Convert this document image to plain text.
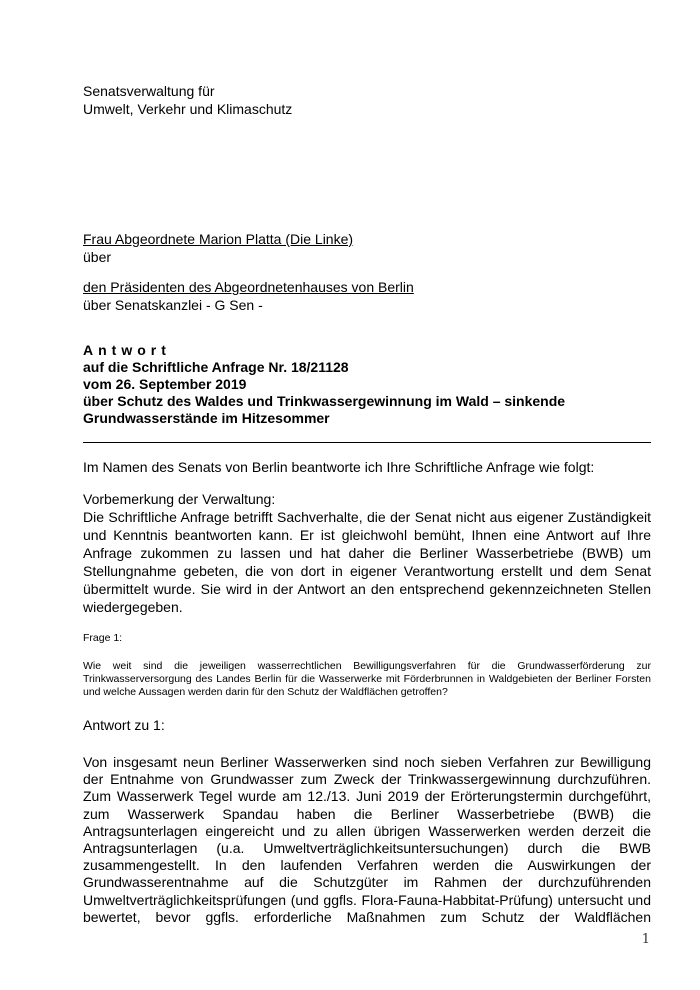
Senatsverwaltung für
Umwelt, Verkehr und Klimaschutz
Frau Abgeordnete Marion Platta (Die Linke)
über
den Präsidenten des Abgeordnetenhauses von Berlin
über Senatskanzlei - G Sen -
Antwort
auf die Schriftliche Anfrage Nr. 18/21128
vom 26. September 2019
über Schutz des Waldes und Trinkwassergewinnung im Wald – sinkende
Grundwasserstände im Hitzesommer

Im Namen des Senats von Berlin beantworte ich Ihre Schriftliche Anfrage wie folgt:

Vorbemerkung der Verwaltung:
Die Schriftliche Anfrage betrifft Sachverhalte, die der Senat nicht aus eigener Zuständigkeit und Kenntnis beantworten kann. Er ist gleichwohl bemüht, Ihnen eine Antwort auf Ihre Anfrage zukommen zu lassen und hat daher die Berliner Wasserbetriebe (BWB) um Stellungnahme gebeten, die von dort in eigener Verantwortung erstellt und dem Senat übermittelt wurde. Sie wird in der Antwort an den entsprechend gekennzeichneten Stellen wiedergegeben.

Frage 1:

Wie weit sind die jeweiligen wasserrechtlichen Bewilligungsverfahren für die Grundwasserförderung zur Trinkwasserversorgung des Landes Berlin für die Wasserwerke mit Förderbrunnen in Waldgebieten der Berliner Forsten und welche Aussagen werden darin für den Schutz der Waldflächen getroffen?

Antwort zu 1:

Von insgesamt neun Berliner Wasserwerken sind noch sieben Verfahren zur Bewilligung der Entnahme von Grundwasser zum Zweck der Trinkwassergewinnung durchzuführen. Zum Wasserwerk Tegel wurde am 12./13. Juni 2019 der Erörterungstermin durchgeführt, zum Wasserwerk Spandau haben die Berliner Wasserbetriebe (BWB) die Antragsunterlagen eingereicht und zu allen übrigen Wasserwerken werden derzeit die Antragsunterlagen (u.a. Umweltverträglichkeitsuntersuchungen) durch die BWB zusammengestellt. In den laufenden Verfahren werden die Auswirkungen der Grundwasserentnahme auf die Schutzgüter im Rahmen der durchzuführenden Umweltverträglichkeitsprüfungen (und ggfls. Flora-Fauna-Habbitat-Prüfung) untersucht und bewertet, bevor ggfls. erforderliche Maßnahmen zum Schutz der Waldflächen

1
